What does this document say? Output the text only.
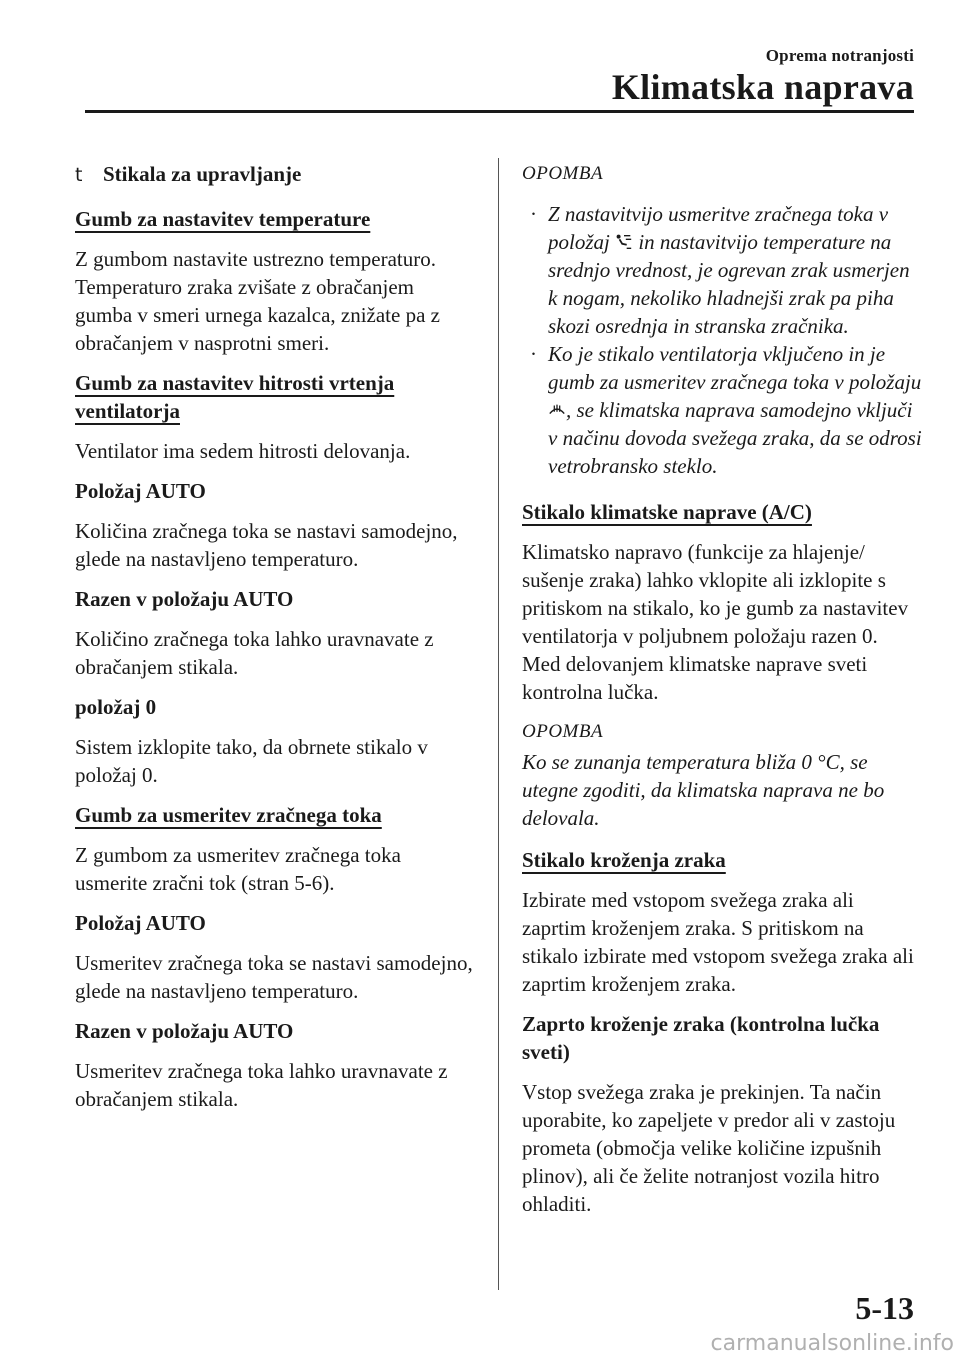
Oprema notranjosti
Klimatska naprava
t Stikala za upravljanje
Gumb za nastavitev temperature

Z gumbom nastavite ustrezno temperaturo. Temperaturo zraka zvišate z obračanjem gumba v smeri urnega kazalca, znižate pa z obračanjem v nasprotni smeri.

Gumb za nastavitev hitrosti vrtenja ventilatorja

Ventilator ima sedem hitrosti delovanja.

Položaj AUTO

Količina zračnega toka se nastavi samodejno, glede na nastavljeno temperaturo.

Razen v položaju AUTO

Količino zračnega toka lahko uravnavate z obračanjem stikala.

položaj 0

Sistem izklopite tako, da obrnete stikalo v položaj 0.

Gumb za usmeritev zračnega toka

Z gumbom za usmeritev zračnega toka usmerite zračni tok (stran 5-6).

Položaj AUTO

Usmeritev zračnega toka se nastavi samodejno, glede na nastavljeno temperaturo.

Razen v položaju AUTO

Usmeritev zračnega toka lahko uravnavate z obračanjem stikala.

OPOMBA
· Z nastavitvijo usmeritve zračnega toka v položaj in nastavitvijo temperature na srednjo vrednost, je ogrevan zrak usmerjen k nogam, nekoliko hladnejši zrak pa piha skozi osrednja in stranska zračnika.
· Ko je stikalo ventilatorja vključeno in je gumb za usmeritev zračnega toka v položaju , se klimatska naprava samodejno vključi v načinu dovoda svežega zraka, da se odrosi vetrobransko steklo.
Stikalo klimatske naprave (A/C)

Klimatsko napravo (funkcije za hlajenje/ sušenje zraka) lahko vklopite ali izklopite s pritiskom na stikalo, ko je gumb za nastavitev ventilatorja v poljubnem položaju razen 0.

Med delovanjem klimatske naprave sveti kontrolna lučka.

OPOMBA

Ko se zunanja temperatura bliža 0 °C, se utegne zgoditi, da klimatska naprava ne bo delovala.

Stikalo kroženja zraka

Izbirate med vstopom svežega zraka ali zaprtim kroženjem zraka. S pritiskom na stikalo izbirate med vstopom svežega zraka ali zaprtim kroženjem zraka.

Zaprto kroženje zraka (kontrolna lučka sveti)

Vstop svežega zraka je prekinjen. Ta način uporabite, ko zapeljete v predor ali v zastoju prometa (območja velike količine izpušnih plinov), ali če želite notranjost vozila hitro ohladiti.

5-13
carmanualsonline.info
